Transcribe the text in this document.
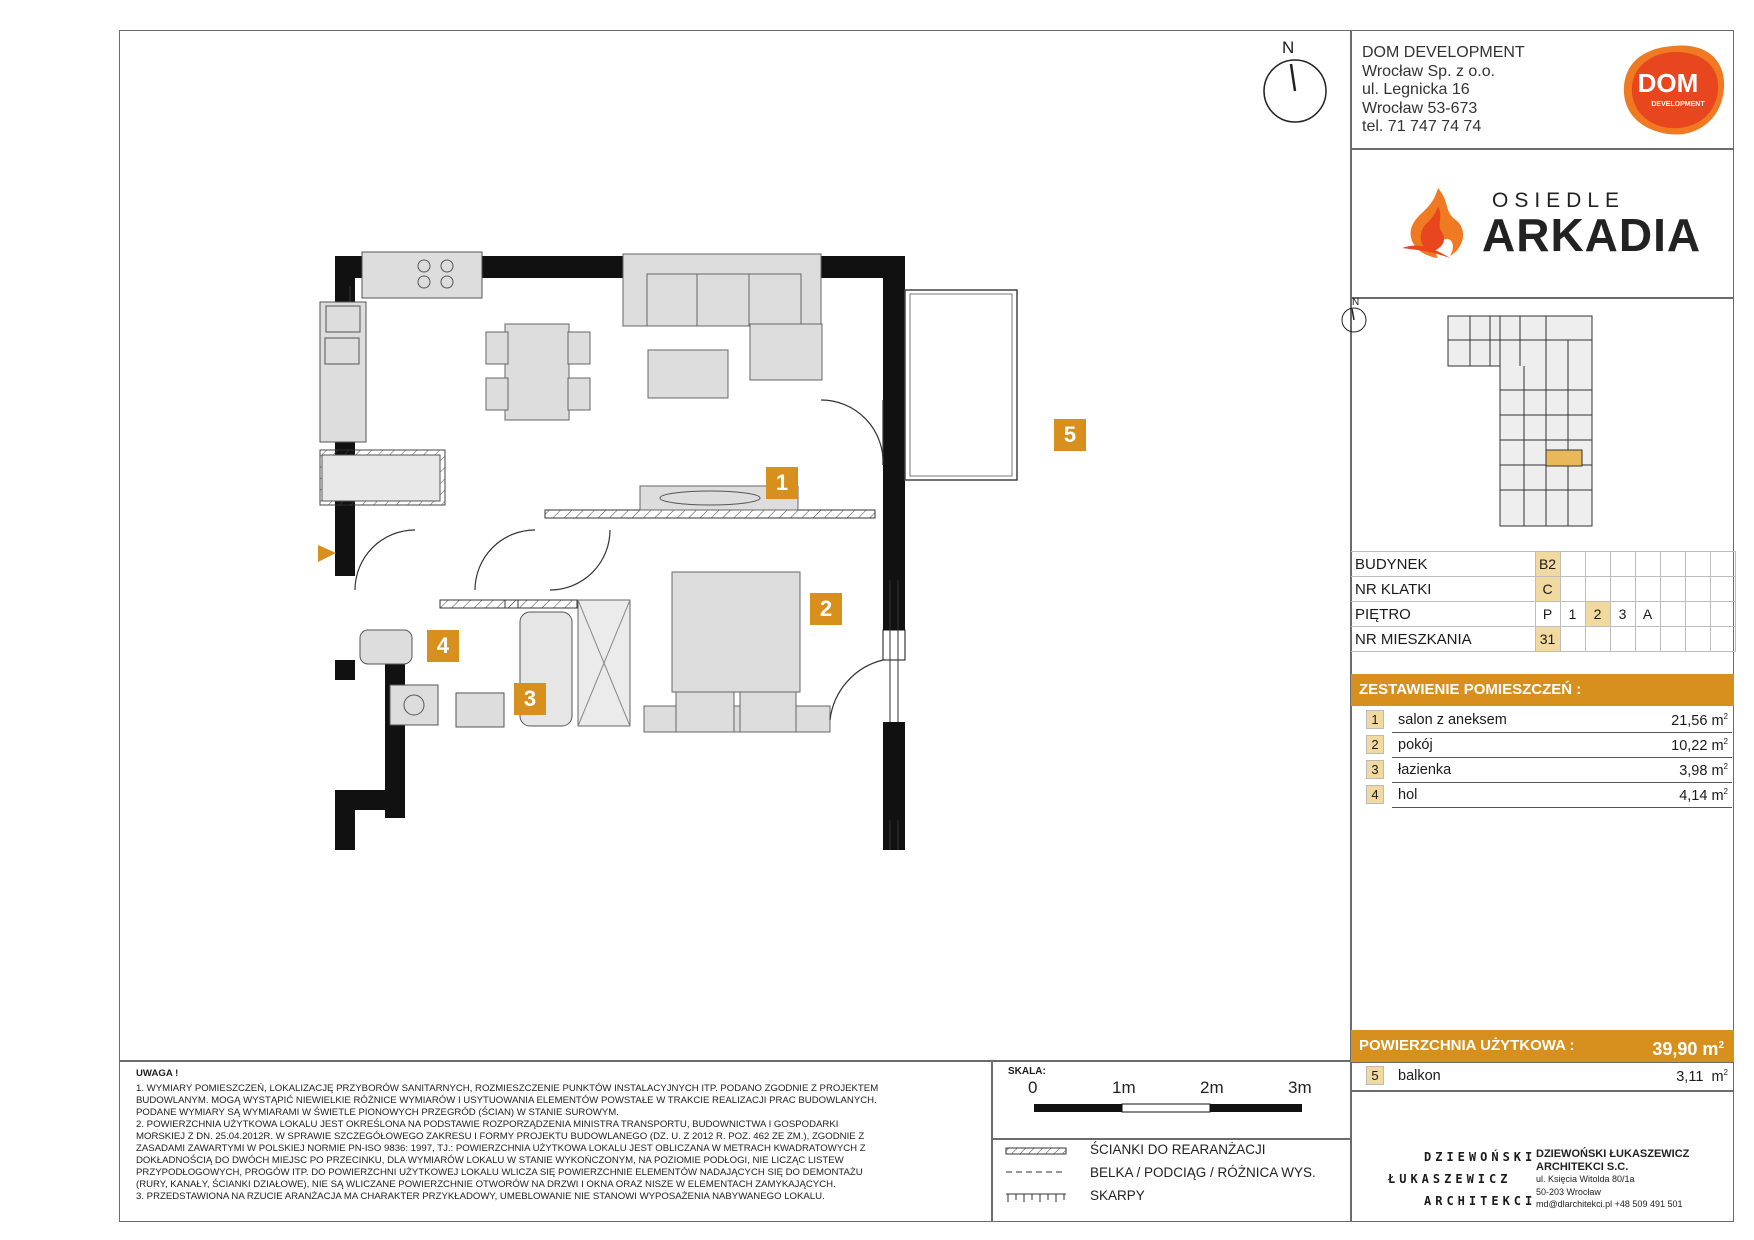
DOM DEVELOPMENT
Wrocław Sp. z o.o.
ul. Legnicka 16
Wrocław 53-673
tel. 71 747 74 74
DOM
DEVELOPMENT
OSIEDLE
ARKADIA
N
N
BUDYNEK	B2							
NR KLATKI	C							
PIĘTRO	P	1	2	3	A			
NR MIESZKANIA	31							
ZESTAWIENIE POMIESZCZEŃ :
1	salon z aneksem	21,56 $m^2$
2	pokój	10,22 $m^2$
3	łazienka	3,98 $m^2$
4	hol	4,14 $m^2$
POWIERZCHNIA UŻYTKOWA :	39,90 $m^2$
5	balkon	3,11 $m^2$
1
2
3
4
5
UWAGA !
1. WYMIARY POMIESZCZEŃ, LOKALIZACJĘ PRZYBORÓW SANITARNYCH, ROZMIESZCZENIE PUNKTÓW INSTALACYJNYCH ITP. PODANO ZGODNIE Z PROJEKTEM
BUDOWLANYM. MOGĄ WYSTĄPIĆ NIEWIELKIE RÓŻNICE WYMIARÓW I USYTUOWANIA ELEMENTÓW POWSTAŁE W TRAKCIE REALIZACJI PRAC BUDOWLANYCH.
PODANE WYMIARY SĄ WYMIARAMI W ŚWIETLE PIONOWYCH PRZEGRÓD (ŚCIAN) W STANIE SUROWYM.
2. POWIERZCHNIA UŻYTKOWA LOKALU JEST OKREŚLONA NA PODSTAWIE ROZPORZĄDZENIA MINISTRA TRANSPORTU, BUDOWNICTWA I GOSPODARKI
MORSKIEJ Z DN. 25.04.2012R. W SPRAWIE SZCZEGÓŁOWEGO ZAKRESU I FORMY PROJEKTU BUDOWLANEGO (DZ. U. Z 2012 R. POZ. 462 ZE ZM.), ZGODNIE Z
ZASADAMI ZAWARTYMI W POLSKIEJ NORMIE PN-ISO 9836: 1997, TJ.: POWIERZCHNIA UŻYTKOWA LOKALU JEST OBLICZANA W METRACH KWADRATOWYCH Z
DOKŁADNOŚCIĄ DO DWÓCH MIEJSC PO PRZECINKU, DLA WYMIARÓW LOKALU W STANIE WYKOŃCZONYM, NA POZIOMIE PODŁOGI, NIE LICZĄC LISTEW
PRZYPODŁOGOWYCH, PROGÓW ITP. DO POWIERZCHNI UŻYTKOWEJ LOKALU WLICZA SIĘ POWIERZCHNIE ELEMENTÓW NADAJĄCYCH SIĘ DO DEMONTAŻU
(RURY, KANAŁY, ŚCIANKI DZIAŁOWE), NIE SĄ WLICZANE POWIERZCHNIE OTWORÓW NA DRZWI I OKNA ORAZ NISZE W ELEMENTACH ZAMYKAJĄCYCH.
3. PRZEDSTAWIONA NA RZUCIE ARANŻACJA MA CHARAKTER PRZYKŁADOWY, UMEBLOWANIE NIE STANOWI WYPOSAŻENIA NABYWANEGO LOKALU.
SKALA:
0	1m	2m	3m
ŚCIANKI DO REARANŻACJI
BELKA / PODCIĄG / RÓŻNICA WYS.
SKARPY
DZIEWOŃSKI
ŁUKASZEWICZ
ARCHITEKCI
DZIEWOŃSKI ŁUKASZEWICZ
ARCHITEKCI S.C.
ul. Księcia Witolda 80/1a
50-203 Wrocław
md@dlarchitekci.pl +48 509 491 501
